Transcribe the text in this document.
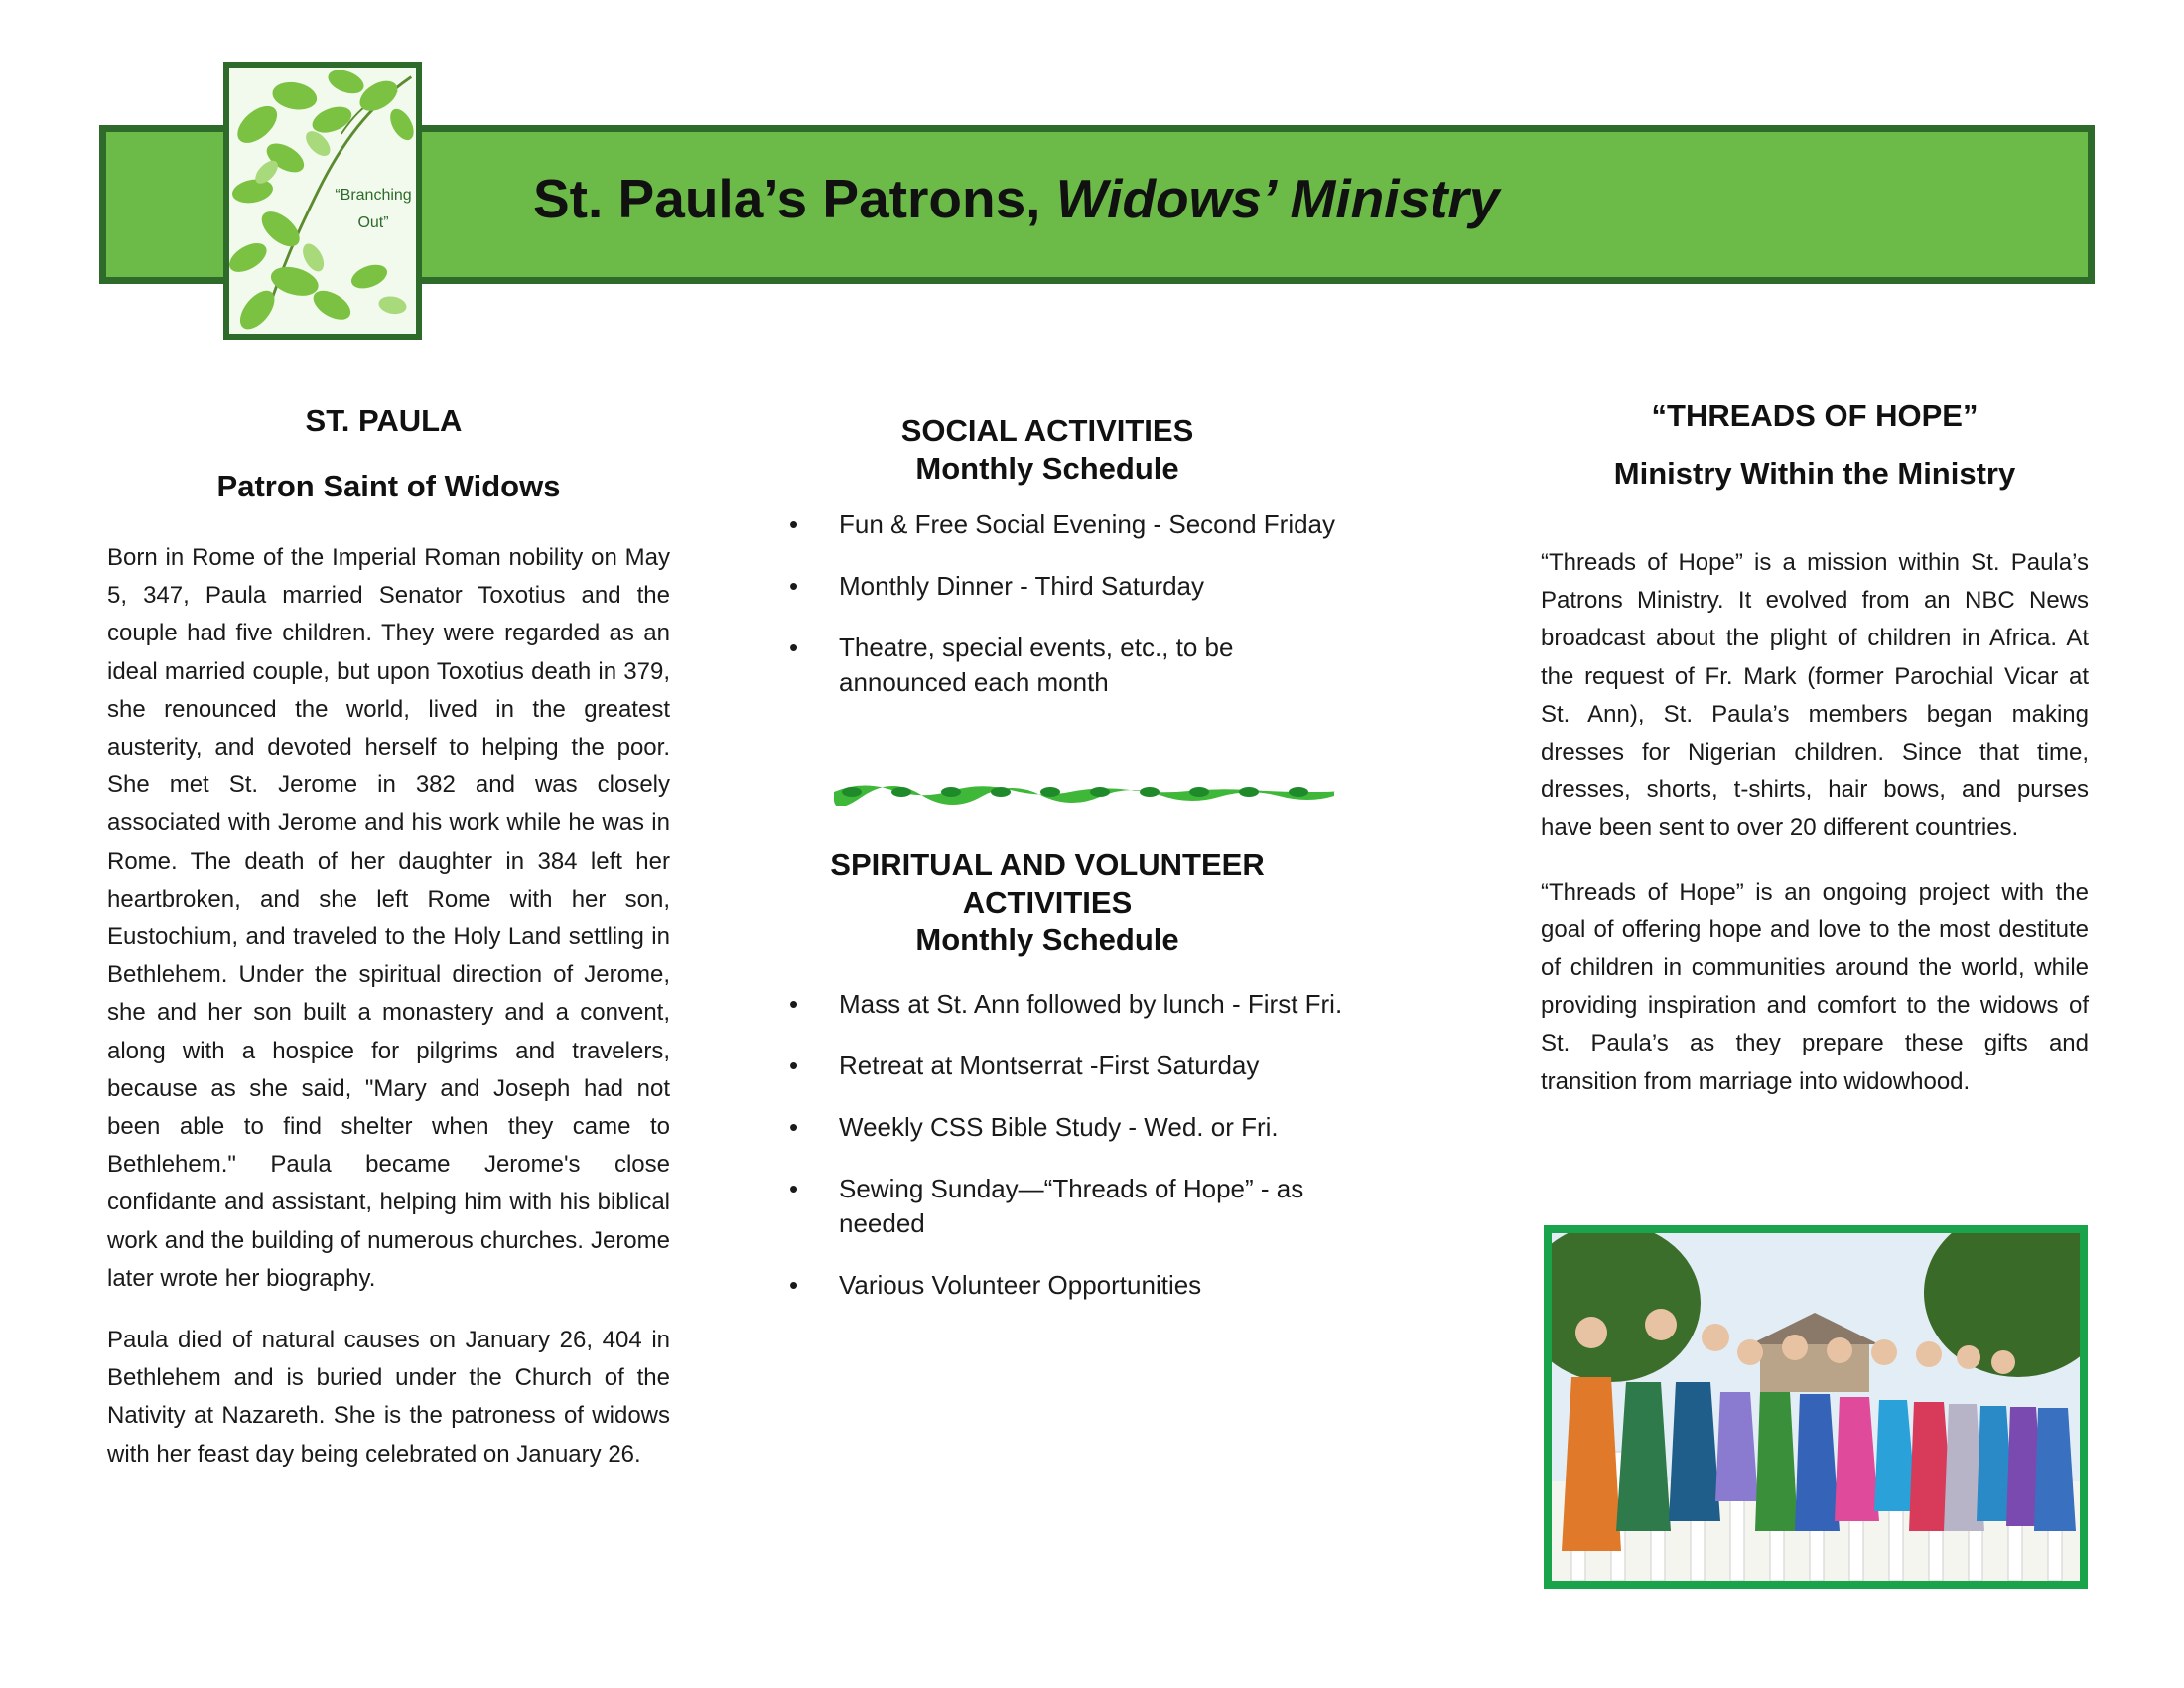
“Branching
Out”	St. Paula’s Patrons, Widows’ Ministry
ST. PAULA
Patron Saint of Widows

Born in Rome of the Imperial Roman nobility on May 5, 347, Paula married Senator Toxotius and the couple had five children. They were regarded as an ideal married couple, but upon Toxotius death in 379, she renounced the world, lived in the greatest austerity, and devoted herself to helping the poor. She met St. Jerome in 382 and was closely associated with Jerome and his work while he was in Rome. The death of her daughter in 384 left her heartbroken, and she left Rome with her son, Eustochium, and traveled to the Holy Land settling in Bethlehem. Under the spiritual direction of Jerome, she and her son built a monastery and a convent, along with a hospice for pilgrims and travelers, because as she said, "Mary and Joseph had not been able to find shelter when they came to Bethlehem." Paula became Jerome's close confidante and assistant, helping him with his biblical work and the building of numerous churches. Jerome later wrote her biography.

Paula died of natural causes on January 26, 404 in Bethlehem and is buried under the Church of the Nativity at Nazareth. She is the patroness of widows with her feast day being celebrated on January 26.

SOCIAL ACTIVITIES
Monthly Schedule
• Fun & Free Social Evening - Second Friday
• Monthly Dinner - Third Saturday
• Theatre, special events, etc., to be announced each month
SPIRITUAL AND VOLUNTEER
ACTIVITIES
Monthly Schedule
• Mass at St. Ann followed by lunch - First Fri.
• Retreat at Montserrat -First Saturday
• Weekly CSS Bible Study - Wed. or Fri.
• Sewing Sunday—“Threads of Hope” - as needed
• Various Volunteer Opportunities
“THREADS OF HOPE”
Ministry Within the Ministry

“Threads of Hope” is a mission within St. Paula’s Patrons Ministry. It evolved from an NBC News broadcast about the plight of children in Africa. At the request of Fr. Mark (former Parochial Vicar at St. Ann), St. Paula’s members began making dresses for Nigerian children. Since that time, dresses, shorts, t-shirts, hair bows, and purses have been sent to over 20 different countries.

“Threads of Hope” is an ongoing project with the goal of offering hope and love to the most destitute of children in communities around the world, while providing inspiration and comfort to the widows of St. Paula’s as they prepare these gifts and transition from marriage into widowhood.
